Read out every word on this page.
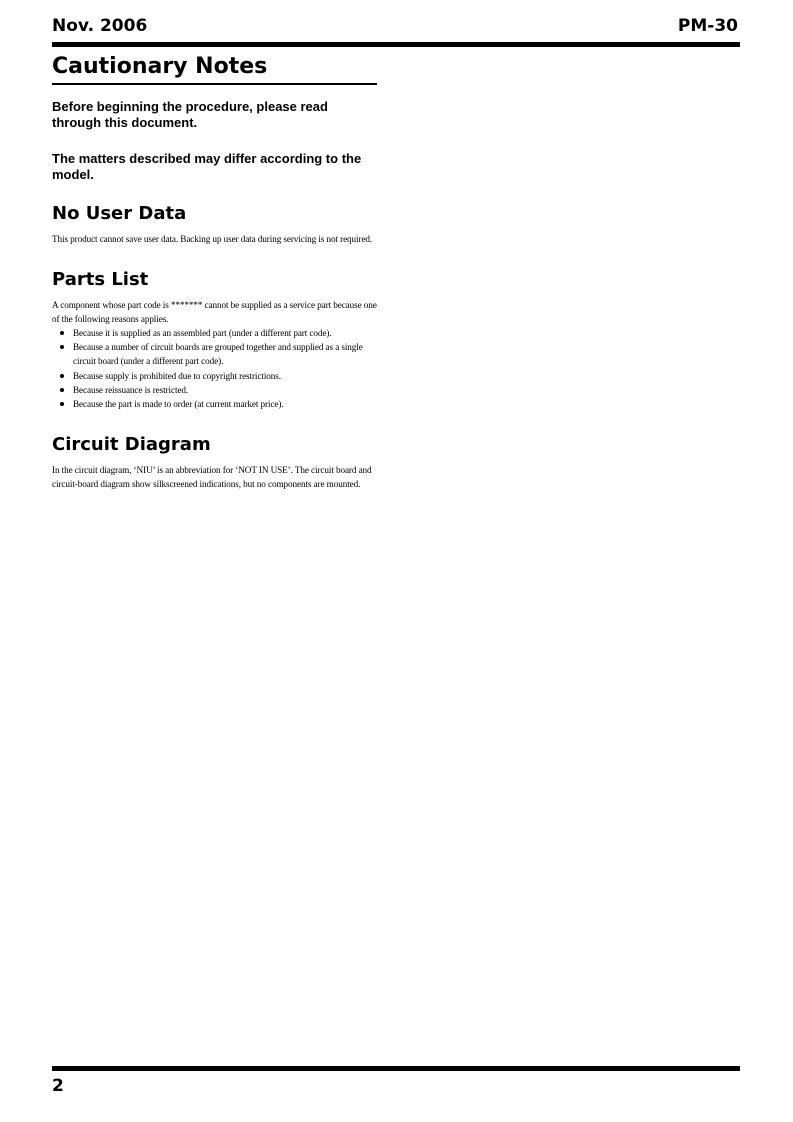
Nov. 2006	PM-30
Cautionary Notes

Before beginning the procedure, please read through this document.

The matters described may differ according to the model.

No User Data

This product cannot save user data. Backing up user data during servicing is not required.

Parts List

A component whose part code is ******* cannot be supplied as a service part because one of the following reasons applies.

Because it is supplied as an assembled part (under a different part code).
Because a number of circuit boards are grouped together and supplied as a single circuit board (under a different part code).
Because supply is prohibited due to copyright restrictions.
Because reissuance is restricted.
Because the part is made to order (at current market price).
Circuit Diagram

In the circuit diagram, ‘NIU’ is an abbreviation for ‘NOT IN USE’. The circuit board and circuit-board diagram show silkscreened indications, but no components are mounted.

2
